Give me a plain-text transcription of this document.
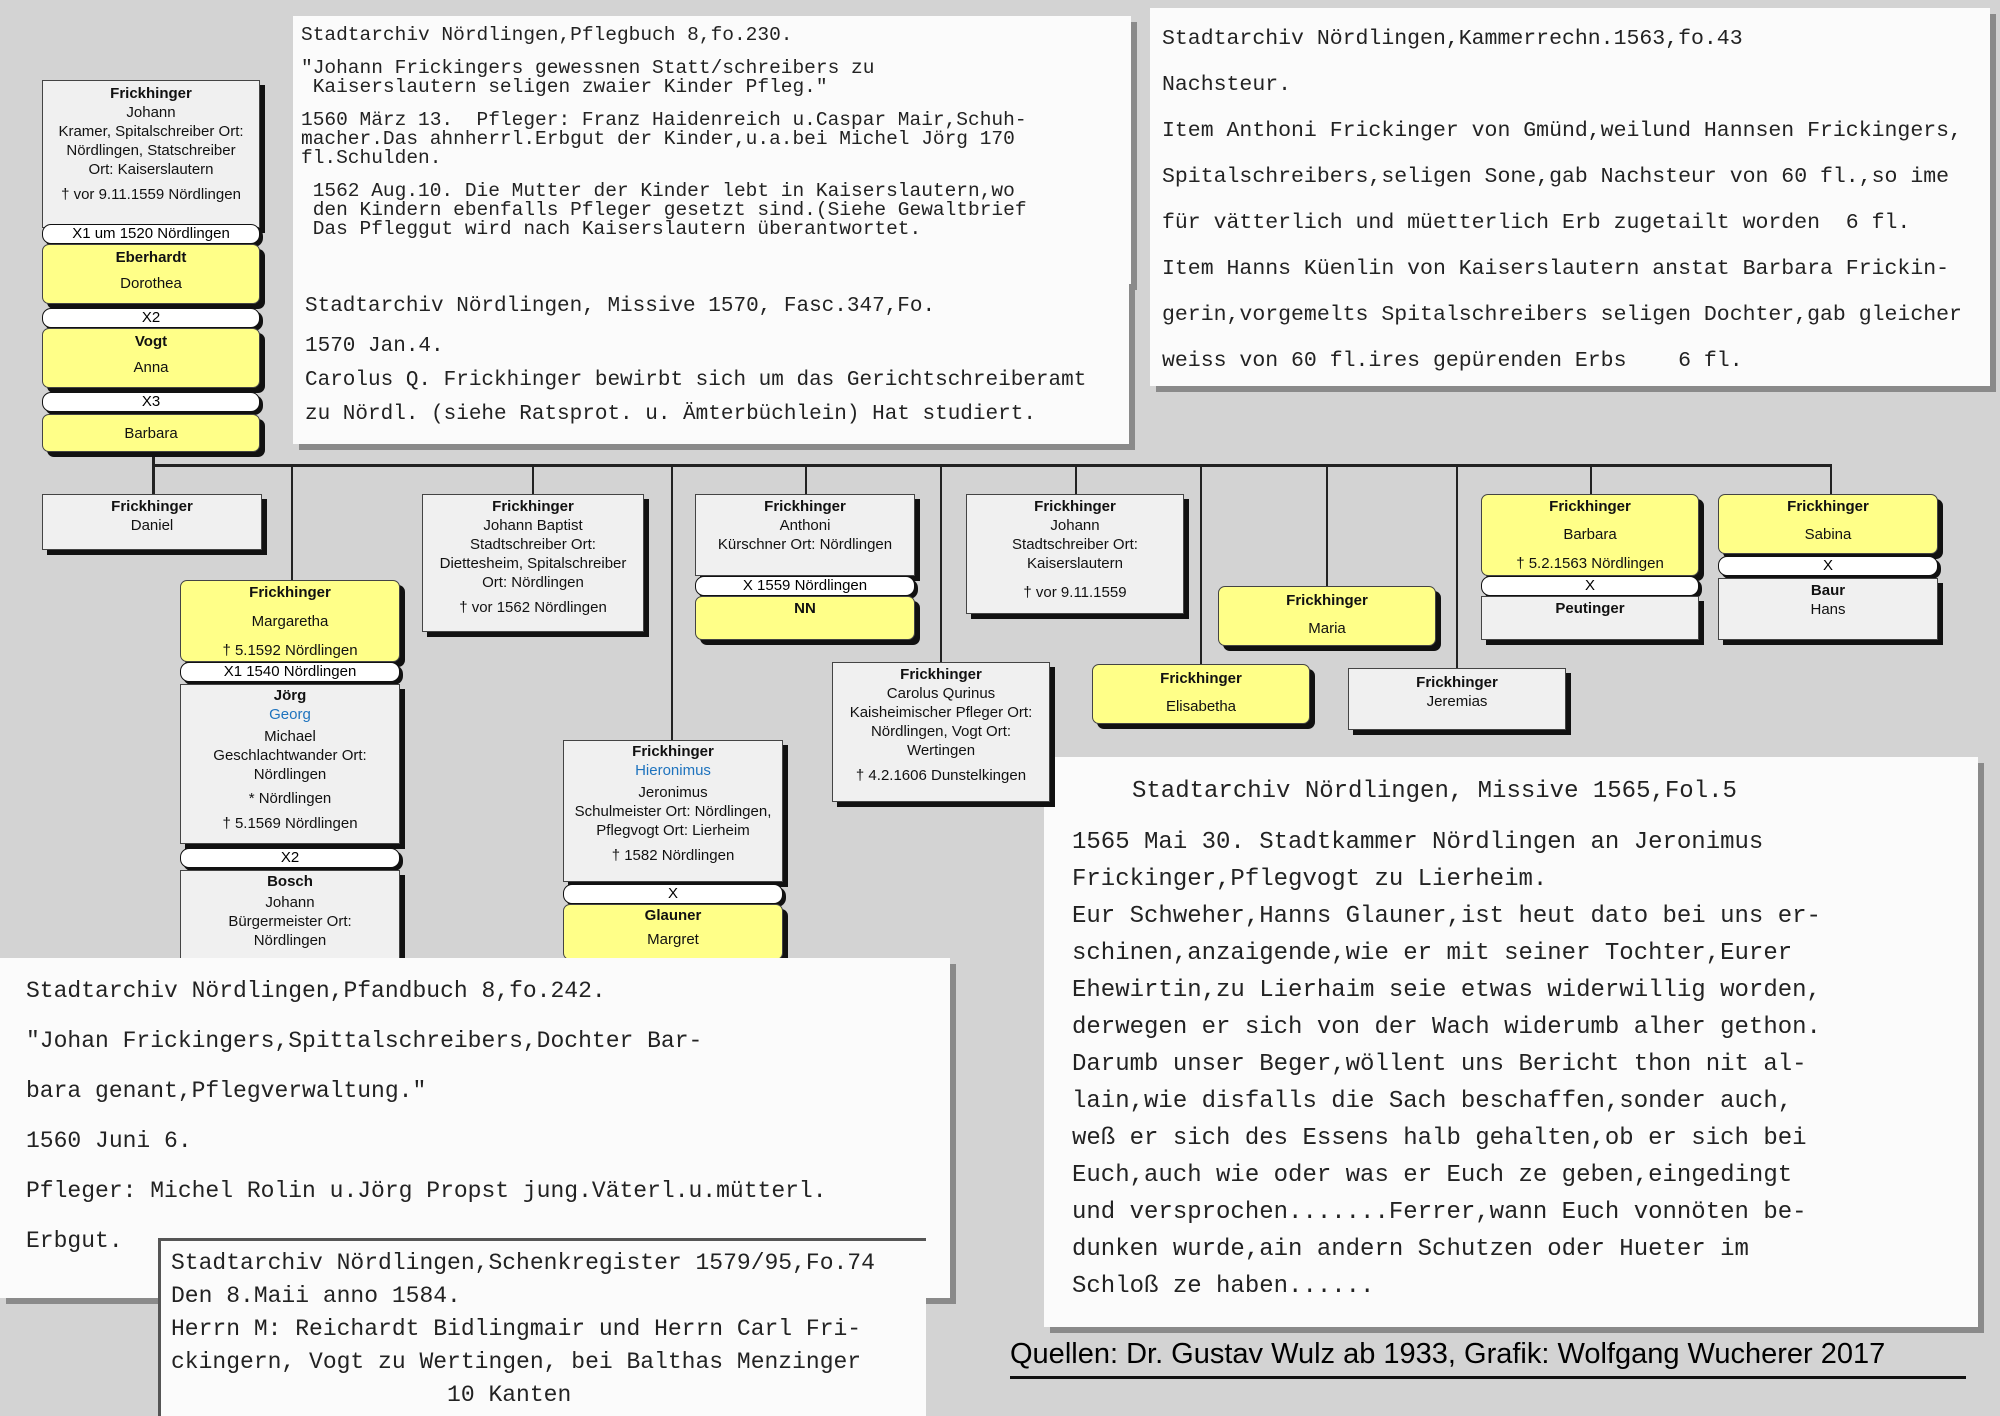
Stadtarchiv Nördlingen,Pflegbuch 8,fo.230.
"Johann Frickingers gewessnen Statt/schreibers zu
Kaiserslautern seligen zwaier Kinder Pfleg."
1560 März 13.  Pfleger: Franz Haidenreich u.Caspar Mair,Schuh-
macher.Das ahnherrl.Erbgut der Kinder,u.a.bei Michel Jörg 170
fl.Schulden.
1562 Aug.10. Die Mutter der Kinder lebt in Kaiserslautern,wo
den Kindern ebenfalls Pfleger gesetzt sind.(Siehe Gewaltbrief
Das Pfleggut wird nach Kaiserslautern überantwortet.
Stadtarchiv Nördlingen, Missive 1570, Fasc.347,Fo.
1570 Jan.4.
Carolus Q. Frickhinger bewirbt sich um das Gerichtschreiberamt
zu Nördl. (siehe Ratsprot. u. Ämterbüchlein) Hat studiert.
Stadtarchiv Nördlingen,Kammerrechn.1563,fo.43
Nachsteur.
Item Anthoni Frickinger von Gmünd,weilund Hannsen Frickingers,
Spitalschreibers,seligen Sone,gab Nachsteur von 60 fl.,so ime
für vätterlich und müetterlich Erb zugetailt worden  6 fl.
Item Hanns Küenlin von Kaiserslautern anstat Barbara Frickin-
gerin,vorgemelts Spitalschreibers seligen Dochter,gab gleicher
weiss von 60 fl.ires gepürenden Erbs    6 fl.
Stadtarchiv Nördlingen, Missive 1565,Fol.5
1565 Mai 30. Stadtkammer Nördlingen an Jeronimus
Frickinger,Pflegvogt zu Lierheim.
Eur Schweher,Hanns Glauner,ist heut dato bei uns er-
schinen,anzaigende,wie er mit seiner Tochter,Eurer
Ehewirtin,zu Lierhaim seie etwas widerwillig worden,
derwegen er sich von der Wach widerumb alher gethon.
Darumb unser Beger,wöllent uns Bericht thon nit al-
lain,wie disfalls die Sach beschaffen,sonder auch,
weß er sich des Essens halb gehalten,ob er sich bei
Euch,auch wie oder was er Euch ze geben,eingedingt
und versprochen.......Ferrer,wann Euch vonnöten be-
dunken wurde,ain andern Schutzen oder Hueter im
Schloß ze haben......
Frickhinger
Johann
Kramer, Spitalschreiber Ort:
Nördlingen, Statschreiber
Ort: Kaiserslautern
† vor 9.11.1559 Nördlingen
X1 um 1520 Nördlingen
Eberhardt
Dorothea
X2
Vogt
Anna
X3
Barbara
Frickhinger
Daniel
Frickhinger
Margaretha
† 5.1592 Nördlingen
X1 1540 Nördlingen
Jörg
Georg
Michael
Geschlachtwander Ort:
Nördlingen
* Nördlingen
† 5.1569 Nördlingen
X2
Bosch
Johann
Bürgermeister Ort:
Nördlingen
Frickhinger
Johann Baptist
Stadtschreiber Ort:
Diettesheim, Spitalschreiber
Ort: Nördlingen
† vor 1562 Nördlingen
Frickhinger
Hieronimus
Jeronimus
Schulmeister Ort: Nördlingen,
Pflegvogt Ort: Lierheim
† 1582 Nördlingen
X
Glauner
Margret
Frickhinger
Anthoni
Kürschner Ort: Nördlingen
X 1559 Nördlingen
NN
Frickhinger
Carolus Qurinus
Kaisheimischer Pfleger Ort:
Nördlingen, Vogt Ort:
Wertingen
† 4.2.1606 Dunstelkingen
Frickhinger
Johann
Stadtschreiber Ort:
Kaiserslautern
† vor 9.11.1559
Frickhinger
Elisabetha
Frickhinger
Maria
Frickhinger
Jeremias
Frickhinger
Barbara
† 5.2.1563 Nördlingen
X
Peutinger
Frickhinger
Sabina
X
Baur
Hans
Stadtarchiv Nördlingen,Pfandbuch 8,fo.242.
"Johan Frickingers,Spittalschreibers,Dochter Bar-
bara genant,Pflegverwaltung."
1560 Juni 6.
Pfleger: Michel Rolin u.Jörg Propst jung.Väterl.u.mütterl.
Erbgut.
Stadtarchiv Nördlingen,Schenkregister 1579/95,Fo.74
Den 8.Maii anno 1584.
Herrn M: Reichardt Bidlingmair und Herrn Carl Fri-
ckingern, Vogt zu Wertingen, bei Balthas Menzinger
10 Kanten
Quellen: Dr. Gustav Wulz ab 1933, Grafik: Wolfgang Wucherer 2017
